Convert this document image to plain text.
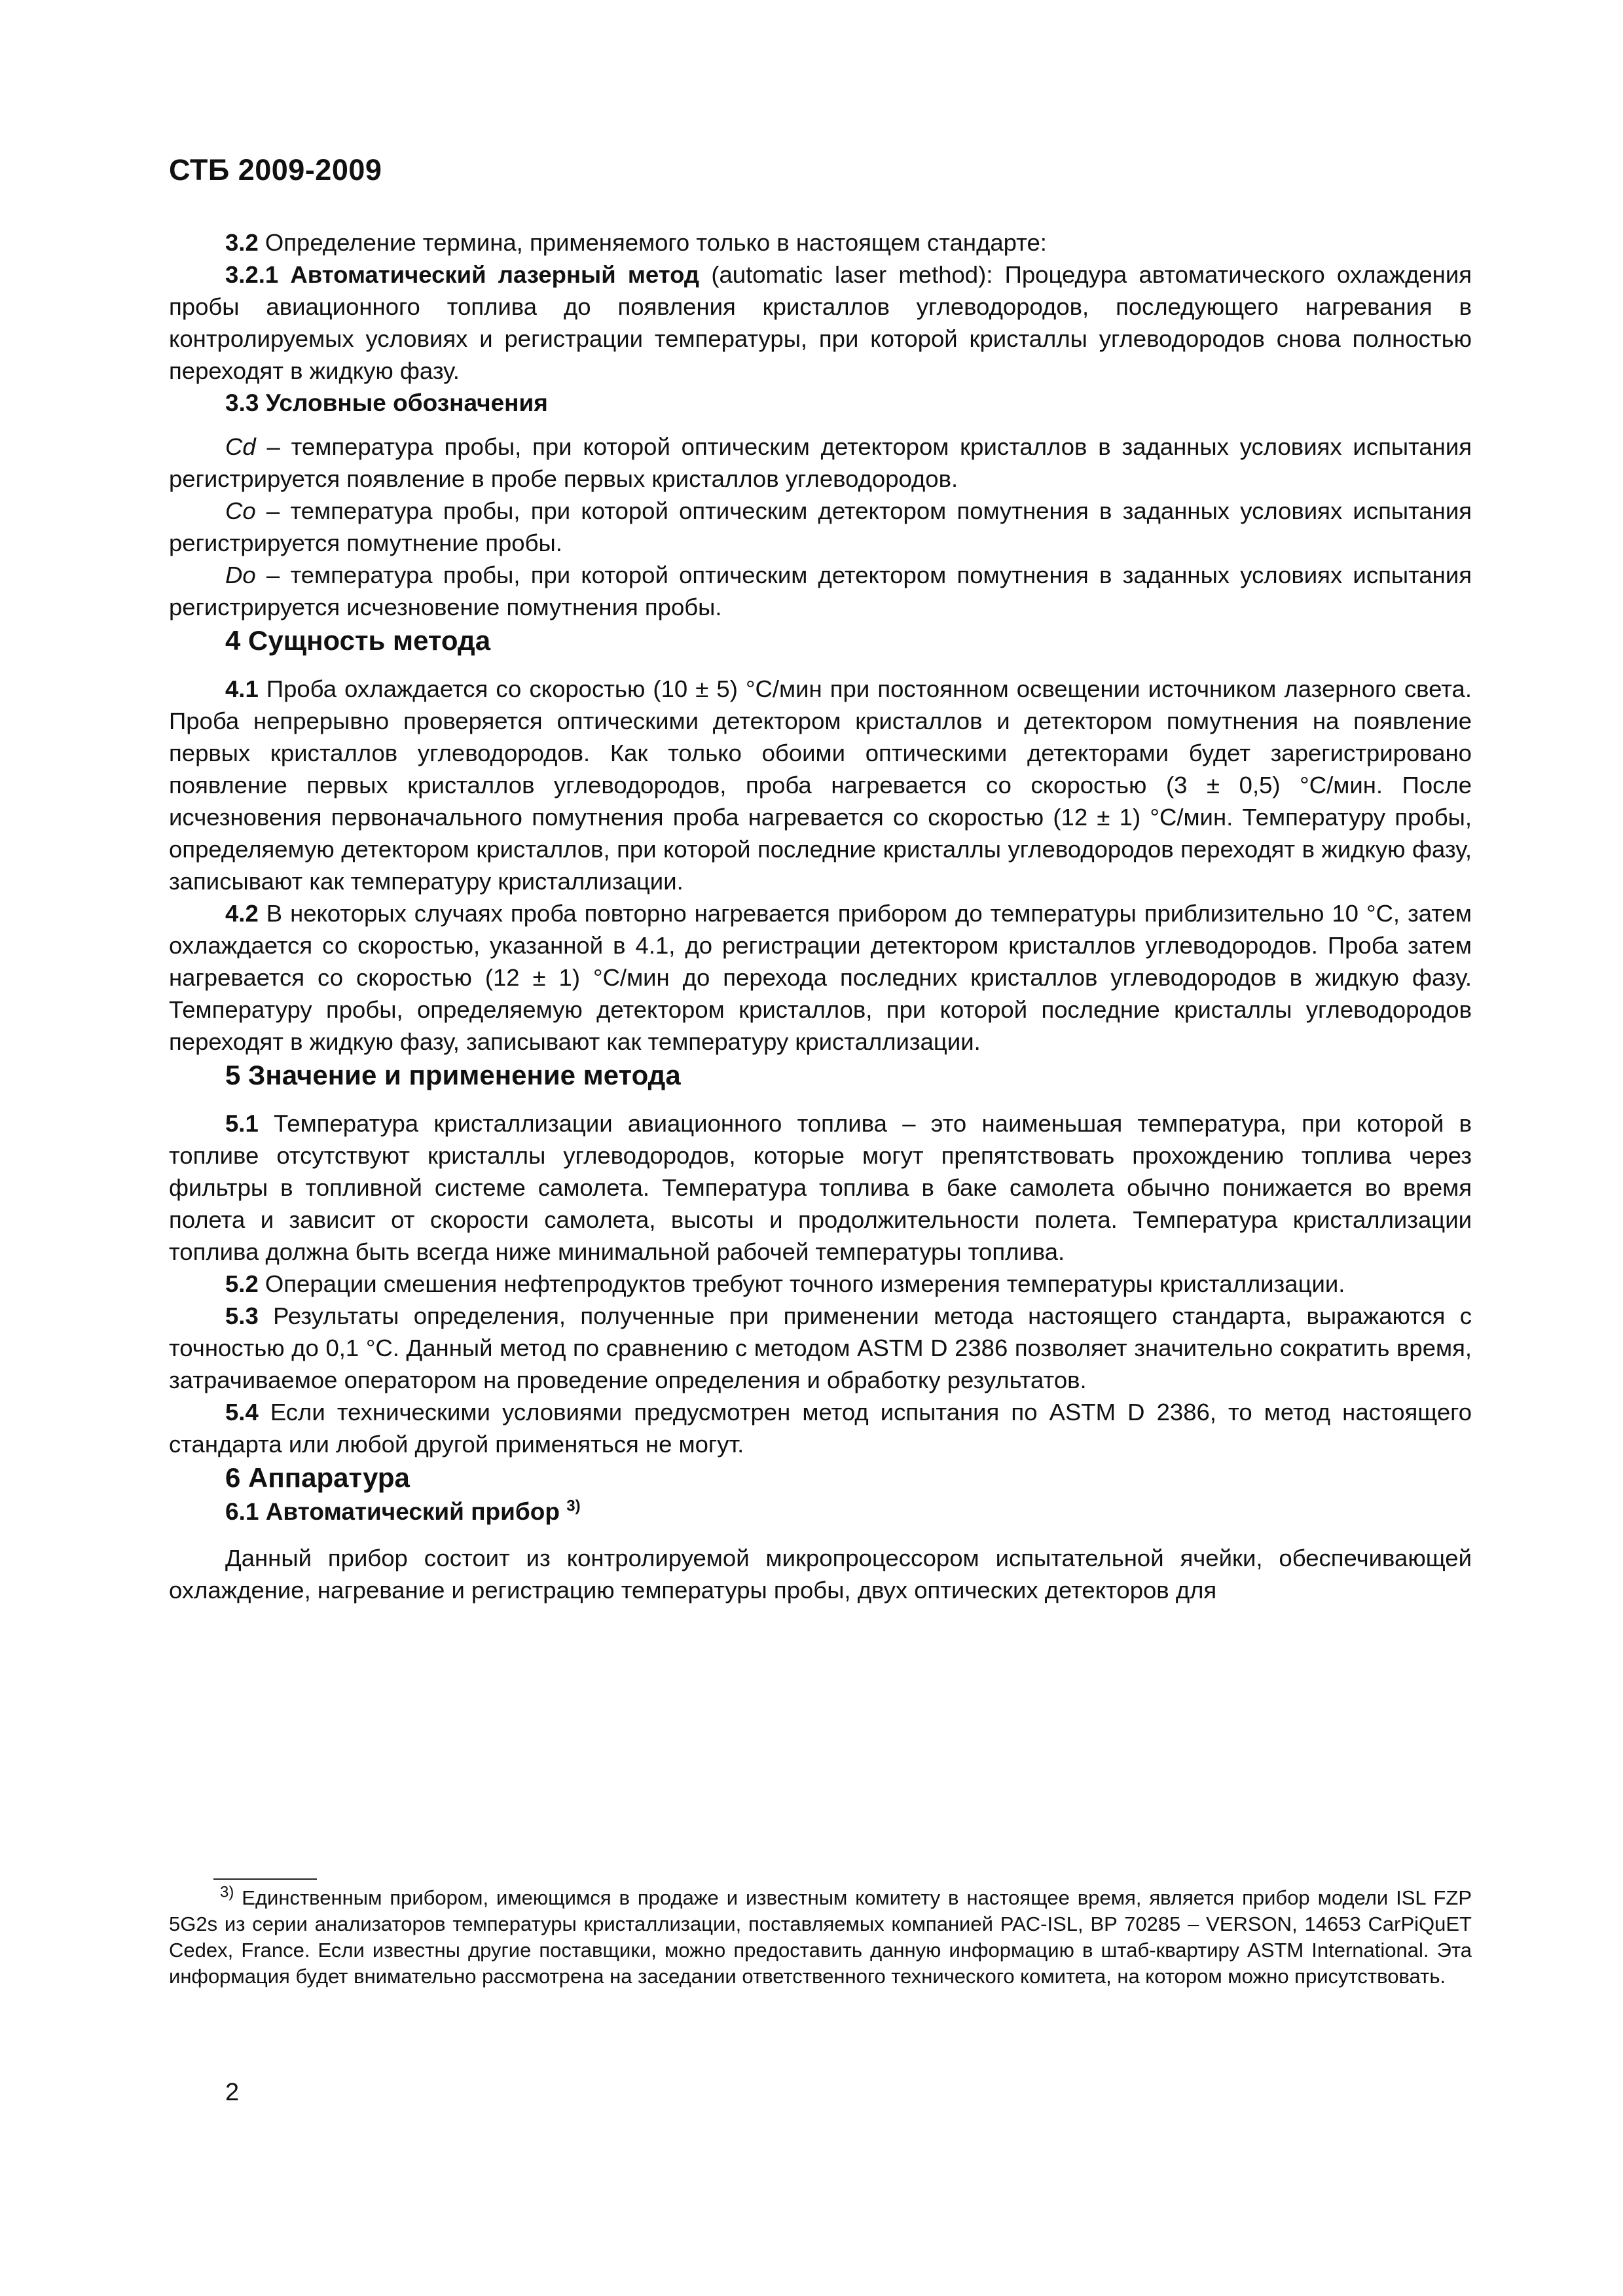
СТБ 2009-2009

3.2 Определение термина, применяемого только в настоящем стандарте:

3.2.1 Автоматический лазерный метод (automatic laser method): Процедура автоматического охлаждения пробы авиационного топлива до появления кристаллов углеводородов, последующего нагревания в контролируемых условиях и регистрации температуры, при которой кристаллы углеводородов снова полностью переходят в жидкую фазу.

3.3 Условные обозначения

Cd – температура пробы, при которой оптическим детектором кристаллов в заданных условиях испытания регистрируется появление в пробе первых кристаллов углеводородов.

Co – температура пробы, при которой оптическим детектором помутнения в заданных условиях испытания регистрируется помутнение пробы.

Do – температура пробы, при которой оптическим детектором помутнения в заданных условиях испытания регистрируется исчезновение помутнения пробы.

4 Сущность метода

4.1 Проба охлаждается со скоростью (10 ± 5) °С/мин при постоянном освещении источником лазерного света. Проба непрерывно проверяется оптическими детектором кристаллов и детектором помутнения на появление первых кристаллов углеводородов. Как только обоими оптическими детекторами будет зарегистрировано появление первых кристаллов углеводородов, проба нагревается со скоростью (3 ± 0,5) °С/мин. После исчезновения первоначального помутнения проба нагревается со скоростью (12 ± 1) °С/мин. Температуру пробы, определяемую детектором кристаллов, при которой последние кристаллы углеводородов переходят в жидкую фазу, записывают как температуру кристаллизации.

4.2 В некоторых случаях проба повторно нагревается прибором до температуры приблизительно 10 °С, затем охлаждается со скоростью, указанной в 4.1, до регистрации детектором кристаллов углеводородов. Проба затем нагревается со скоростью (12 ± 1) °С/мин до перехода последних кристаллов углеводородов в жидкую фазу. Температуру пробы, определяемую детектором кристаллов, при которой последние кристаллы углеводородов переходят в жидкую фазу, записывают как температуру кристаллизации.

5 Значение и применение метода

5.1 Температура кристаллизации авиационного топлива – это наименьшая температура, при которой в топливе отсутствуют кристаллы углеводородов, которые могут препятствовать прохождению топлива через фильтры в топливной системе самолета. Температура топлива в баке самолета обычно понижается во время полета и зависит от скорости самолета, высоты и продолжительности полета. Температура кристаллизации топлива должна быть всегда ниже минимальной рабочей температуры топлива.

5.2 Операции смешения нефтепродуктов требуют точного измерения температуры кристаллизации.

5.3 Результаты определения, полученные при применении метода настоящего стандарта, выражаются с точностью до 0,1 °С. Данный метод по сравнению с методом ASTM D 2386 позволяет значительно сократить время, затрачиваемое оператором на проведение определения и обработку результатов.

5.4 Если техническими условиями предусмотрен метод испытания по ASTM D 2386, то метод настоящего стандарта или любой другой применяться не могут.

6 Аппаратура

6.1 Автоматический прибор $^{3)}$

Данный прибор состоит из контролируемой микропроцессором испытательной ячейки, обеспечивающей охлаждение, нагревание и регистрацию температуры пробы, двух оптических детекторов для

$^{3)}$ Единственным прибором, имеющимся в продаже и известным комитету в настоящее время, является прибор модели ISL FZP 5G2s из серии анализаторов температуры кристаллизации, поставляемых компанией PAC-ISL, BP 70285 – VERSON, 14653 CarPiQuET Cedex, France. Если известны другие поставщики, можно предоставить данную информацию в штаб-квартиру ASTM International. Эта информация будет внимательно рассмотрена на заседании ответственного технического комитета, на котором можно присутствовать.

2
